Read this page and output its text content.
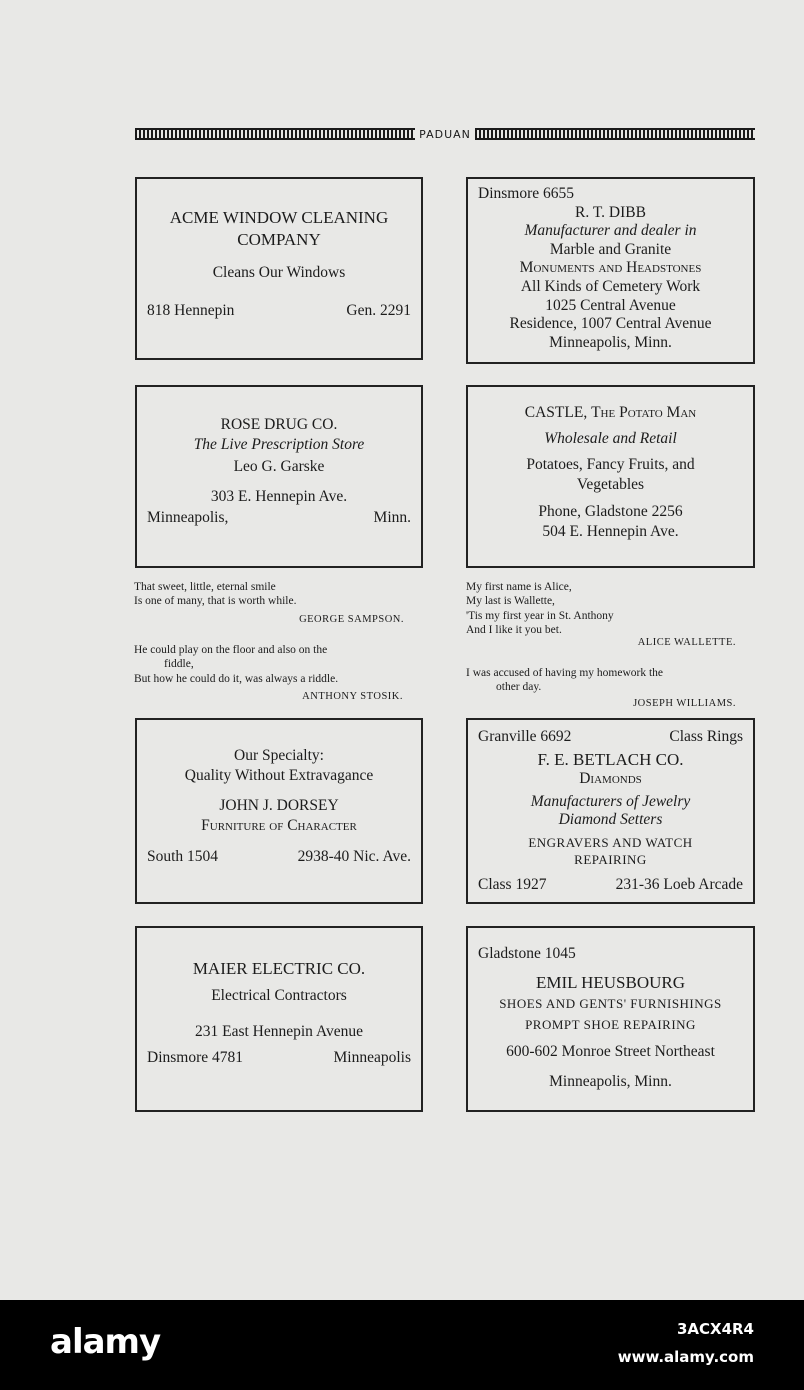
PADUAN
ACME WINDOW CLEANING COMPANY
Cleans Our Windows
818 Hennepin	Gen. 2291
Dinsmore 6655
R. T. DIBB
Manufacturer and dealer in
Marble and Granite
Monuments and Headstones
All Kinds of Cemetery Work
1025 Central Avenue
Residence, 1007 Central Avenue
Minneapolis, Minn.
ROSE DRUG CO.
The Live Prescription Store
Leo G. Garske
303 E. Hennepin Ave.
Minneapolis,	Minn.
CASTLE, The Potato Man
Wholesale and Retail
Potatoes, Fancy Fruits, and Vegetables
Phone, Gladstone 2256
504 E. Hennepin Ave.
That sweet, little, eternal smile
Is one of many, that is worth while.
GEORGE SAMPSON.
He could play on the floor and also on the
fiddle,
But how he could do it, was always a riddle.
ANTHONY STOSIK.
My first name is Alice,
My last is Wallette,
'Tis my first year in St. Anthony
And I like it you bet.
ALICE WALLETTE.
I was accused of having my homework the
other day.
JOSEPH WILLIAMS.
Our Specialty:
Quality Without Extravagance
JOHN J. DORSEY
Furniture of Character
South 1504	2938-40 Nic. Ave.
Granville 6692	Class Rings
F. E. BETLACH CO.
Diamonds
Manufacturers of Jewelry
Diamond Setters
ENGRAVERS AND WATCH REPAIRING
Class 1927	231-36 Loeb Arcade
MAIER ELECTRIC CO.
Electrical Contractors
231 East Hennepin Avenue
Dinsmore 4781	Minneapolis
Gladstone 1045
EMIL HEUSBOURG
SHOES AND GENTS' FURNISHINGS
PROMPT SHOE REPAIRING
600-602 Monroe Street Northeast
Minneapolis, Minn.
alamy	3ACX4R4
www.alamy.com
